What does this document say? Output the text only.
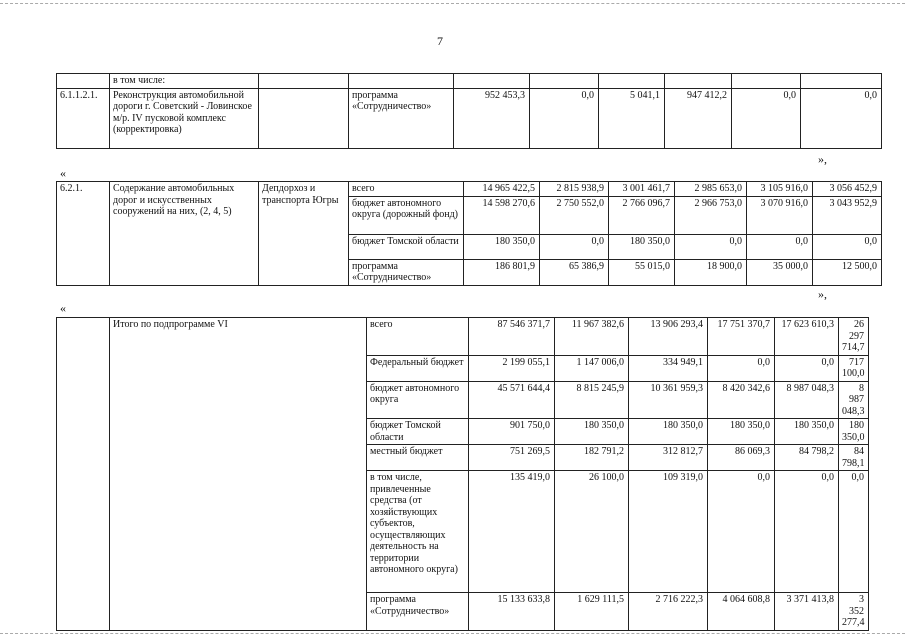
7
	в том числе:								
6.1.1.2.1.	Реконструкция автомобильной дороги г. Советский - Ловинское м/р. IV пусковой комплекс (корректировка)		программа «Сотрудничество»	952 453,3	0,0	5 041,1	947 412,2	0,0	0,0
»,
«
6.2.1.	Содержание автомобильных дорог и искусственных сооружений на них, (2, 4, 5)	Депдорхоз и транспорта Югры	всего	14 965 422,5	2 815 938,9	3 001 461,7	2 985 653,0	3 105 916,0	3 056 452,9
			бюджет автономного округа (дорожный фонд)	14 598 270,6	2 750 552,0	2 766 096,7	2 966 753,0	3 070 916,0	3 043 952,9
			бюджет Томской области	180 350,0	0,0	180 350,0	0,0	0,0	0,0
			программа «Сотрудничество»	186 801,9	65 386,9	55 015,0	18 900,0	35 000,0	12 500,0
»,
«
	Итого по подпрограмме VI	всего	87 546 371,7	11 967 382,6	13 906 293,4	17 751 370,7	17 623 610,3	26 297 714,7
		Федеральный бюджет	2 199 055,1	1 147 006,0	334 949,1	0,0	0,0	717 100,0
		бюджет автономного округа	45 571 644,4	8 815 245,9	10 361 959,3	8 420 342,6	8 987 048,3	8 987 048,3
		бюджет Томской области	901 750,0	180 350,0	180 350,0	180 350,0	180 350,0	180 350,0
		местный бюджет	751 269,5	182 791,2	312 812,7	86 069,3	84 798,2	84 798,1
		в том числе, привлеченные средства (от хозяйствующих субъектов, осуществляющих деятельность на территории автономного округа)	135 419,0	26 100,0	109 319,0	0,0	0,0	0,0
		программа «Сотрудничество»	15 133 633,8	1 629 111,5	2 716 222,3	4 064 608,8	3 371 413,8	3 352 277,4
